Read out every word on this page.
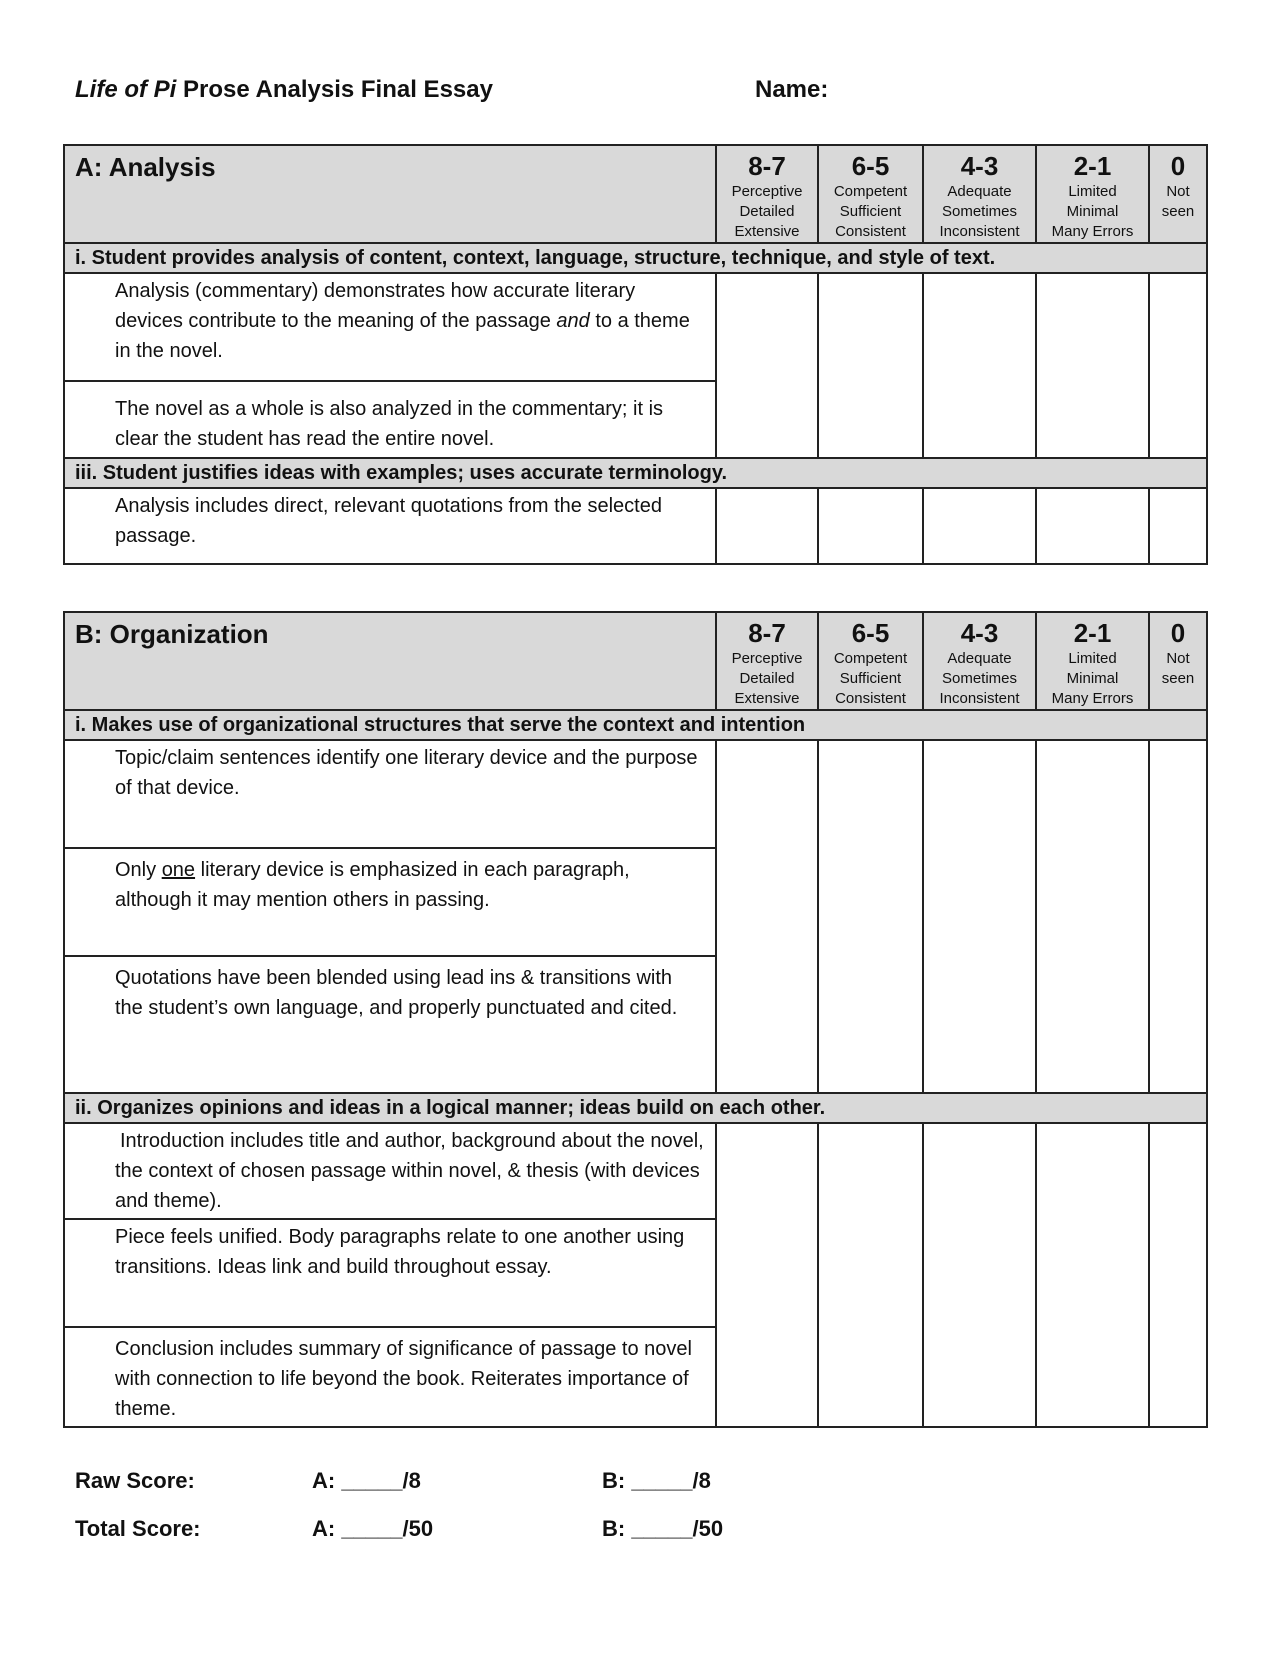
Life of Pi Prose Analysis Final Essay	Name:
A: Analysis	8-7
Perceptive
Detailed
Extensive	6-5
Competent
Sufficient
Consistent	4-3
Adequate
Sometimes
Inconsistent	2-1
Limited
Minimal
Many Errors	0
Not
seen

i. Student provides analysis of content, context, language, structure, technique, and style of text.					
Analysis (commentary) demonstrates how accurate literary devices contribute to the meaning of the passage and to a theme in the novel.					
The novel as a whole is also analyzed in the commentary; it is clear the student has read the entire novel.					
iii. Student justifies ideas with examples; uses accurate terminology.					
Analysis includes direct, relevant quotations from the selected passage.					
B: Organization	8-7
Perceptive
Detailed
Extensive	6-5
Competent
Sufficient
Consistent	4-3
Adequate
Sometimes
Inconsistent	2-1
Limited
Minimal
Many Errors	0
Not
seen

i. Makes use of organizational structures that serve the context and intention					
Topic/claim sentences identify one literary device and the purpose of that device.					
Only one literary device is emphasized in each paragraph, although it may mention others in passing.					
Quotations have been blended using lead ins & transitions with the student’s own language, and properly punctuated and cited.					
ii. Organizes opinions and ideas in a logical manner; ideas build on each other.					
Introduction includes title and author, background about the novel, the context of chosen passage within novel, & thesis (with devices and theme).					
Piece feels unified. Body paragraphs relate to one another using transitions. Ideas link and build throughout essay.					
Conclusion includes summary of significance of passage to novel with connection to life beyond the book. Reiterates importance of theme.					
Raw Score:	A: _____/8	B: _____/8
Total Score:	A: _____/50	B: _____/50
